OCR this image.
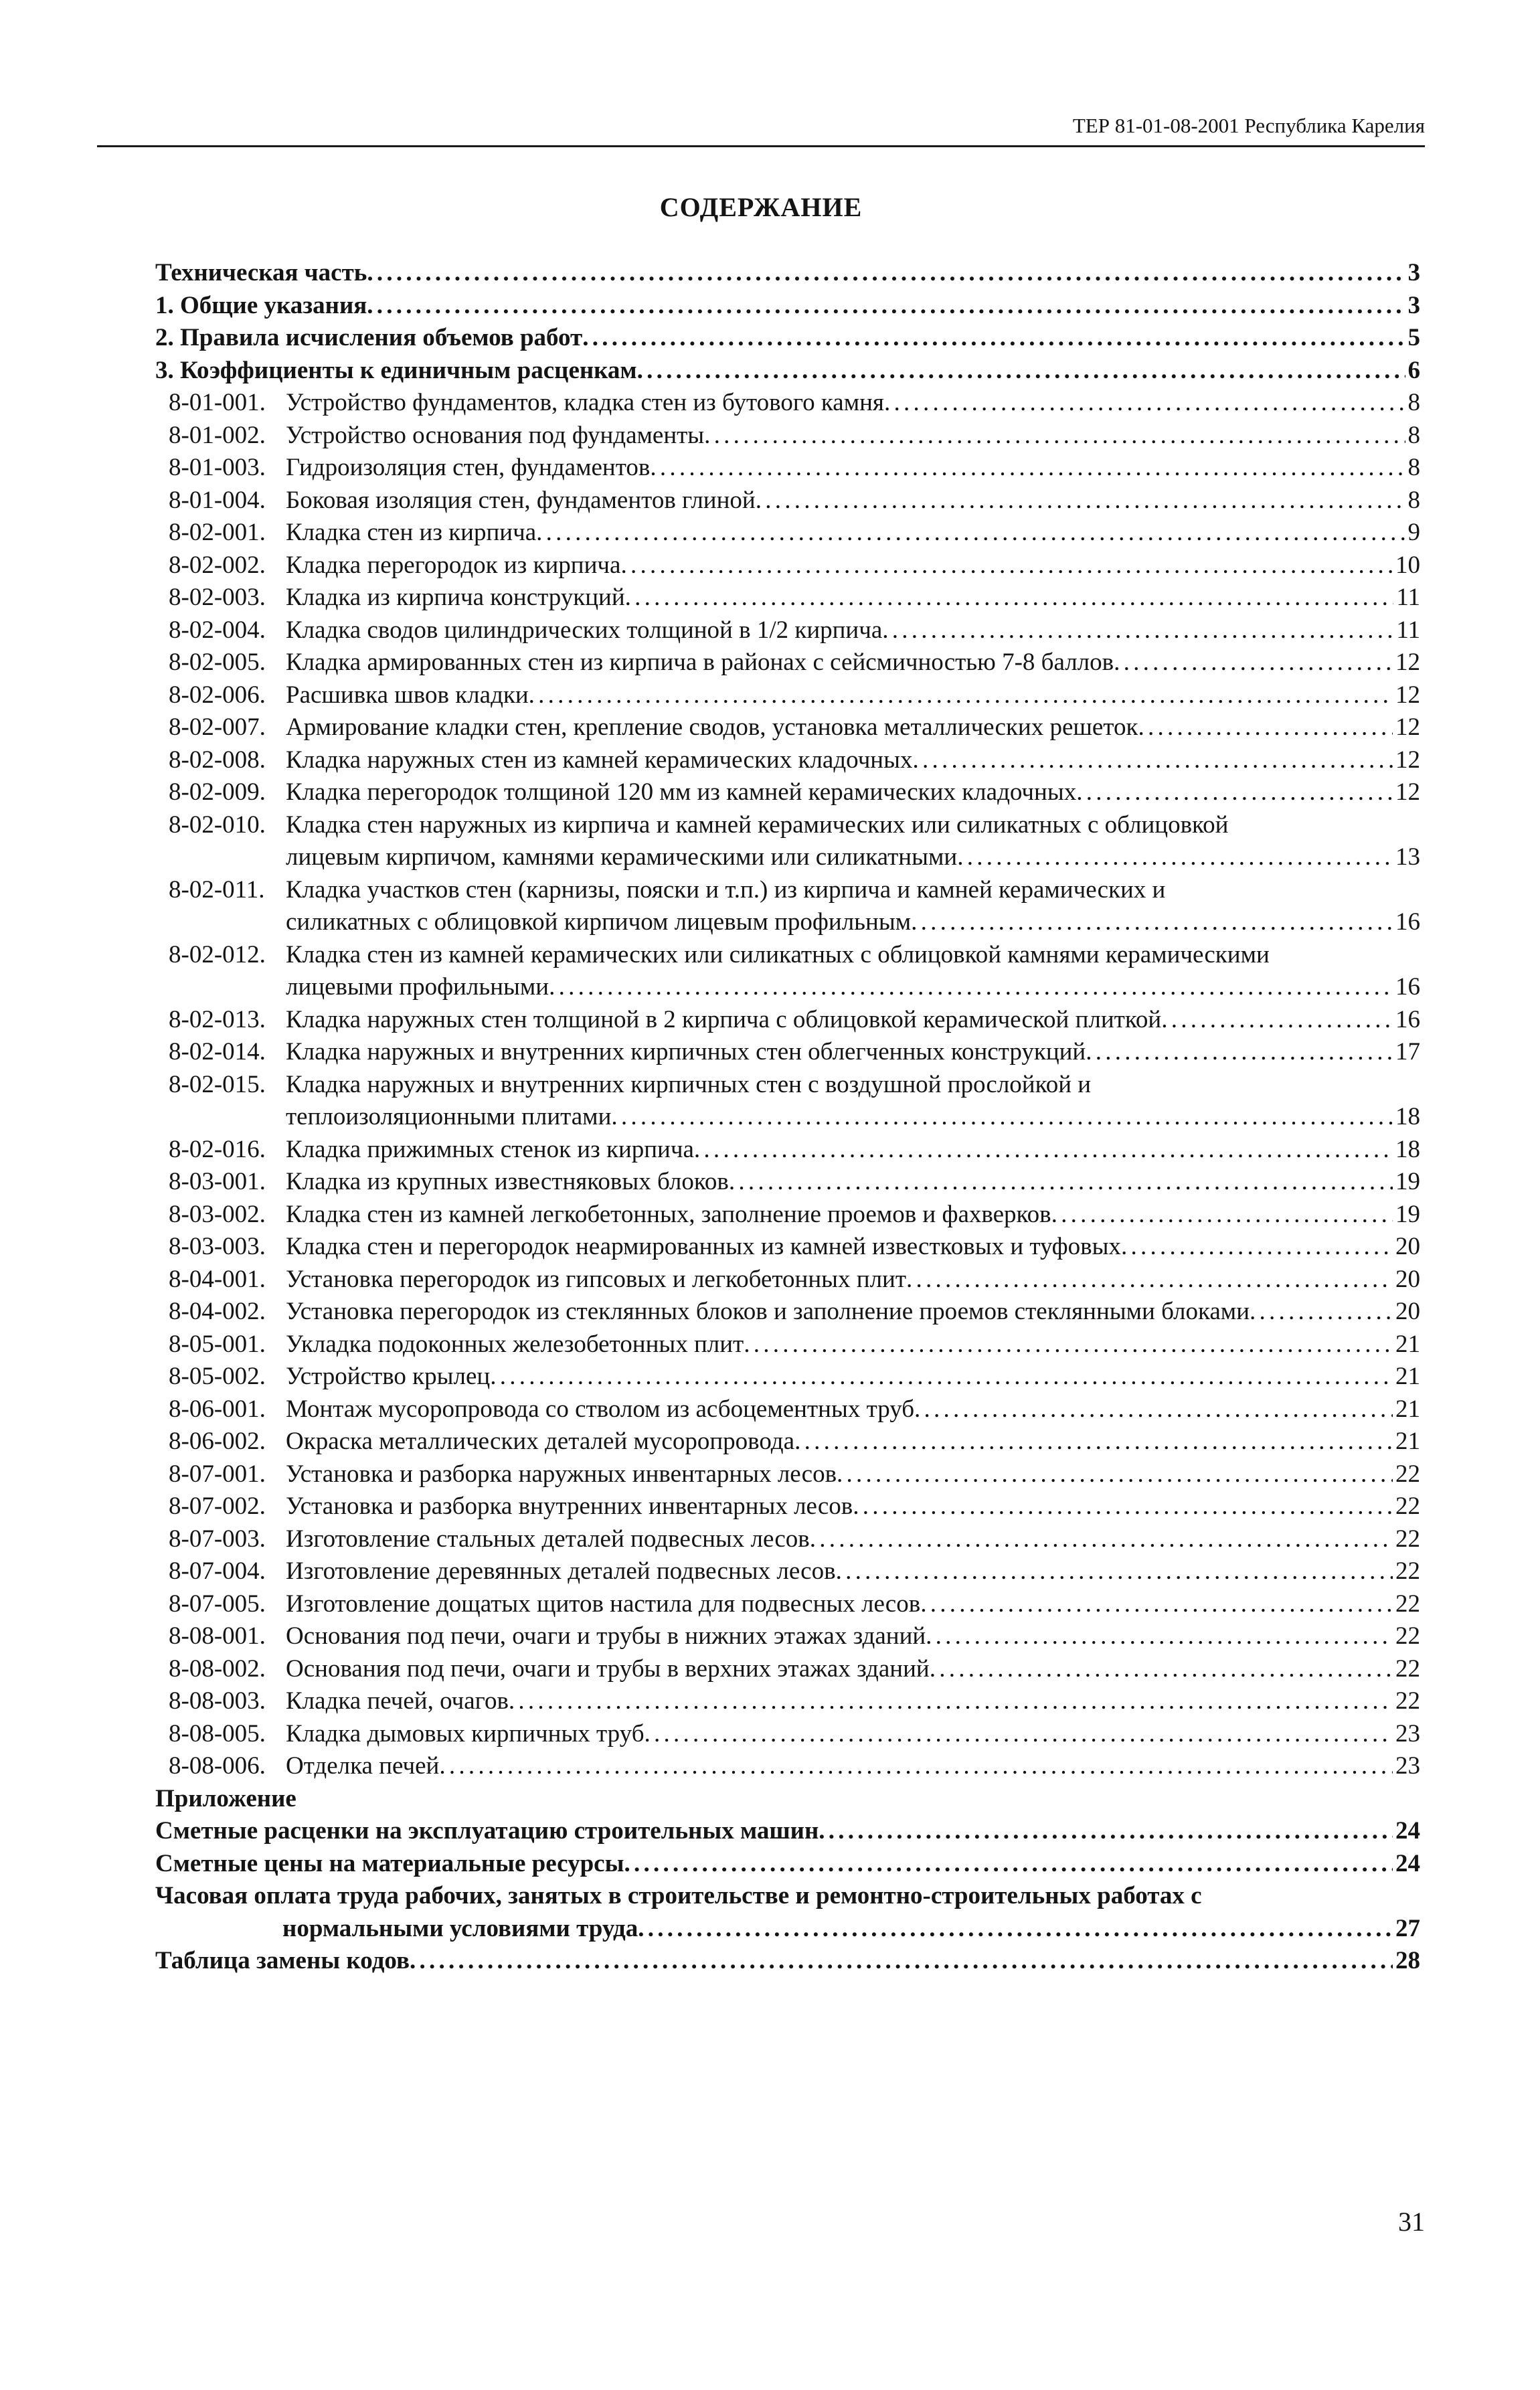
ТЕР 81-01-08-2001 Республика Карелия
СОДЕРЖАНИЕ
Техническая часть . . .	3
1. Общие указания . . .	3
2. Правила исчисления объемов работ . . .	5
3. Коэффициенты к единичным расценкам . . .	6
8-01-001. Устройство фундаментов, кладка стен из бутового камня . . .	8
8-01-002. Устройство основания под фундаменты . . .	8
8-01-003. Гидроизоляция стен, фундаментов . . .	8
8-01-004. Боковая изоляция стен, фундаментов глиной . . .	8
8-02-001. Кладка стен из кирпича . . .	9
8-02-002. Кладка перегородок из кирпича . . .	10
8-02-003. Кладка из кирпича конструкций . . .	11
8-02-004. Кладка сводов цилиндрических толщиной в 1/2 кирпича . . .	11
8-02-005. Кладка армированных стен из кирпича в районах с сейсмичностью 7-8 баллов . . .	12
8-02-006. Расшивка швов кладки . . .	12
8-02-007. Армирование кладки стен, крепление сводов, установка металлических решеток . . .	12
8-02-008. Кладка наружных стен из камней керамических кладочных . . .	12
8-02-009. Кладка перегородок толщиной 120 мм из камней керамических кладочных . . .	12
8-02-010. Кладка стен наружных из кирпича и камней керамических или силикатных с облицовкой
лицевым кирпичом, камнями керамическими или силикатными . . .	13
8-02-011. Кладка участков стен (карнизы, пояски и т.п.) из кирпича и камней керамических и
силикатных с облицовкой кирпичом лицевым профильным . . .	16
8-02-012. Кладка стен из камней керамических или силикатных с облицовкой камнями керамическими
лицевыми профильными . . .	16
8-02-013. Кладка наружных стен толщиной в 2 кирпича с облицовкой керамической плиткой . . .	16
8-02-014. Кладка наружных и внутренних кирпичных стен облегченных конструкций . . .	17
8-02-015. Кладка наружных и внутренних кирпичных стен с воздушной прослойкой и
теплоизоляционными плитами . . .	18
8-02-016. Кладка прижимных стенок из кирпича . . .	18
8-03-001. Кладка из крупных известняковых блоков . . .	19
8-03-002. Кладка стен из камней легкобетонных, заполнение проемов и фахверков . . .	19
8-03-003. Кладка стен и перегородок неармированных из камней известковых и туфовых . . .	20
8-04-001. Установка перегородок из гипсовых и легкобетонных плит . . .	20
8-04-002. Установка перегородок из стеклянных блоков и заполнение проемов стеклянными блоками . . .	20
8-05-001. Укладка подоконных железобетонных плит . . .	21
8-05-002. Устройство крылец . . .	21
8-06-001. Монтаж мусоропровода со стволом из асбоцементных труб . . .	21
8-06-002. Окраска металлических деталей мусоропровода . . .	21
8-07-001. Установка и разборка наружных инвентарных лесов . . .	22
8-07-002. Установка и разборка внутренних инвентарных лесов . . .	22
8-07-003. Изготовление стальных деталей подвесных лесов . . .	22
8-07-004. Изготовление деревянных деталей подвесных лесов . . .	22
8-07-005. Изготовление дощатых щитов настила для подвесных лесов . . .	22
8-08-001. Основания под печи, очаги и трубы в нижних этажах зданий . . .	22
8-08-002. Основания под печи, очаги и трубы в верхних этажах зданий . . .	22
8-08-003. Кладка печей, очагов . . .	22
8-08-005. Кладка дымовых кирпичных труб . . .	23
8-08-006. Отделка печей . . .	23
Приложение
Сметные расценки на эксплуатацию строительных машин . . .	24
Сметные цены на материальные ресурсы . . .	24
Часовая оплата труда рабочих, занятых в строительстве и ремонтно-строительных работах с
нормальными условиями труда . . .	27
Таблица замены кодов . . .	28
31
